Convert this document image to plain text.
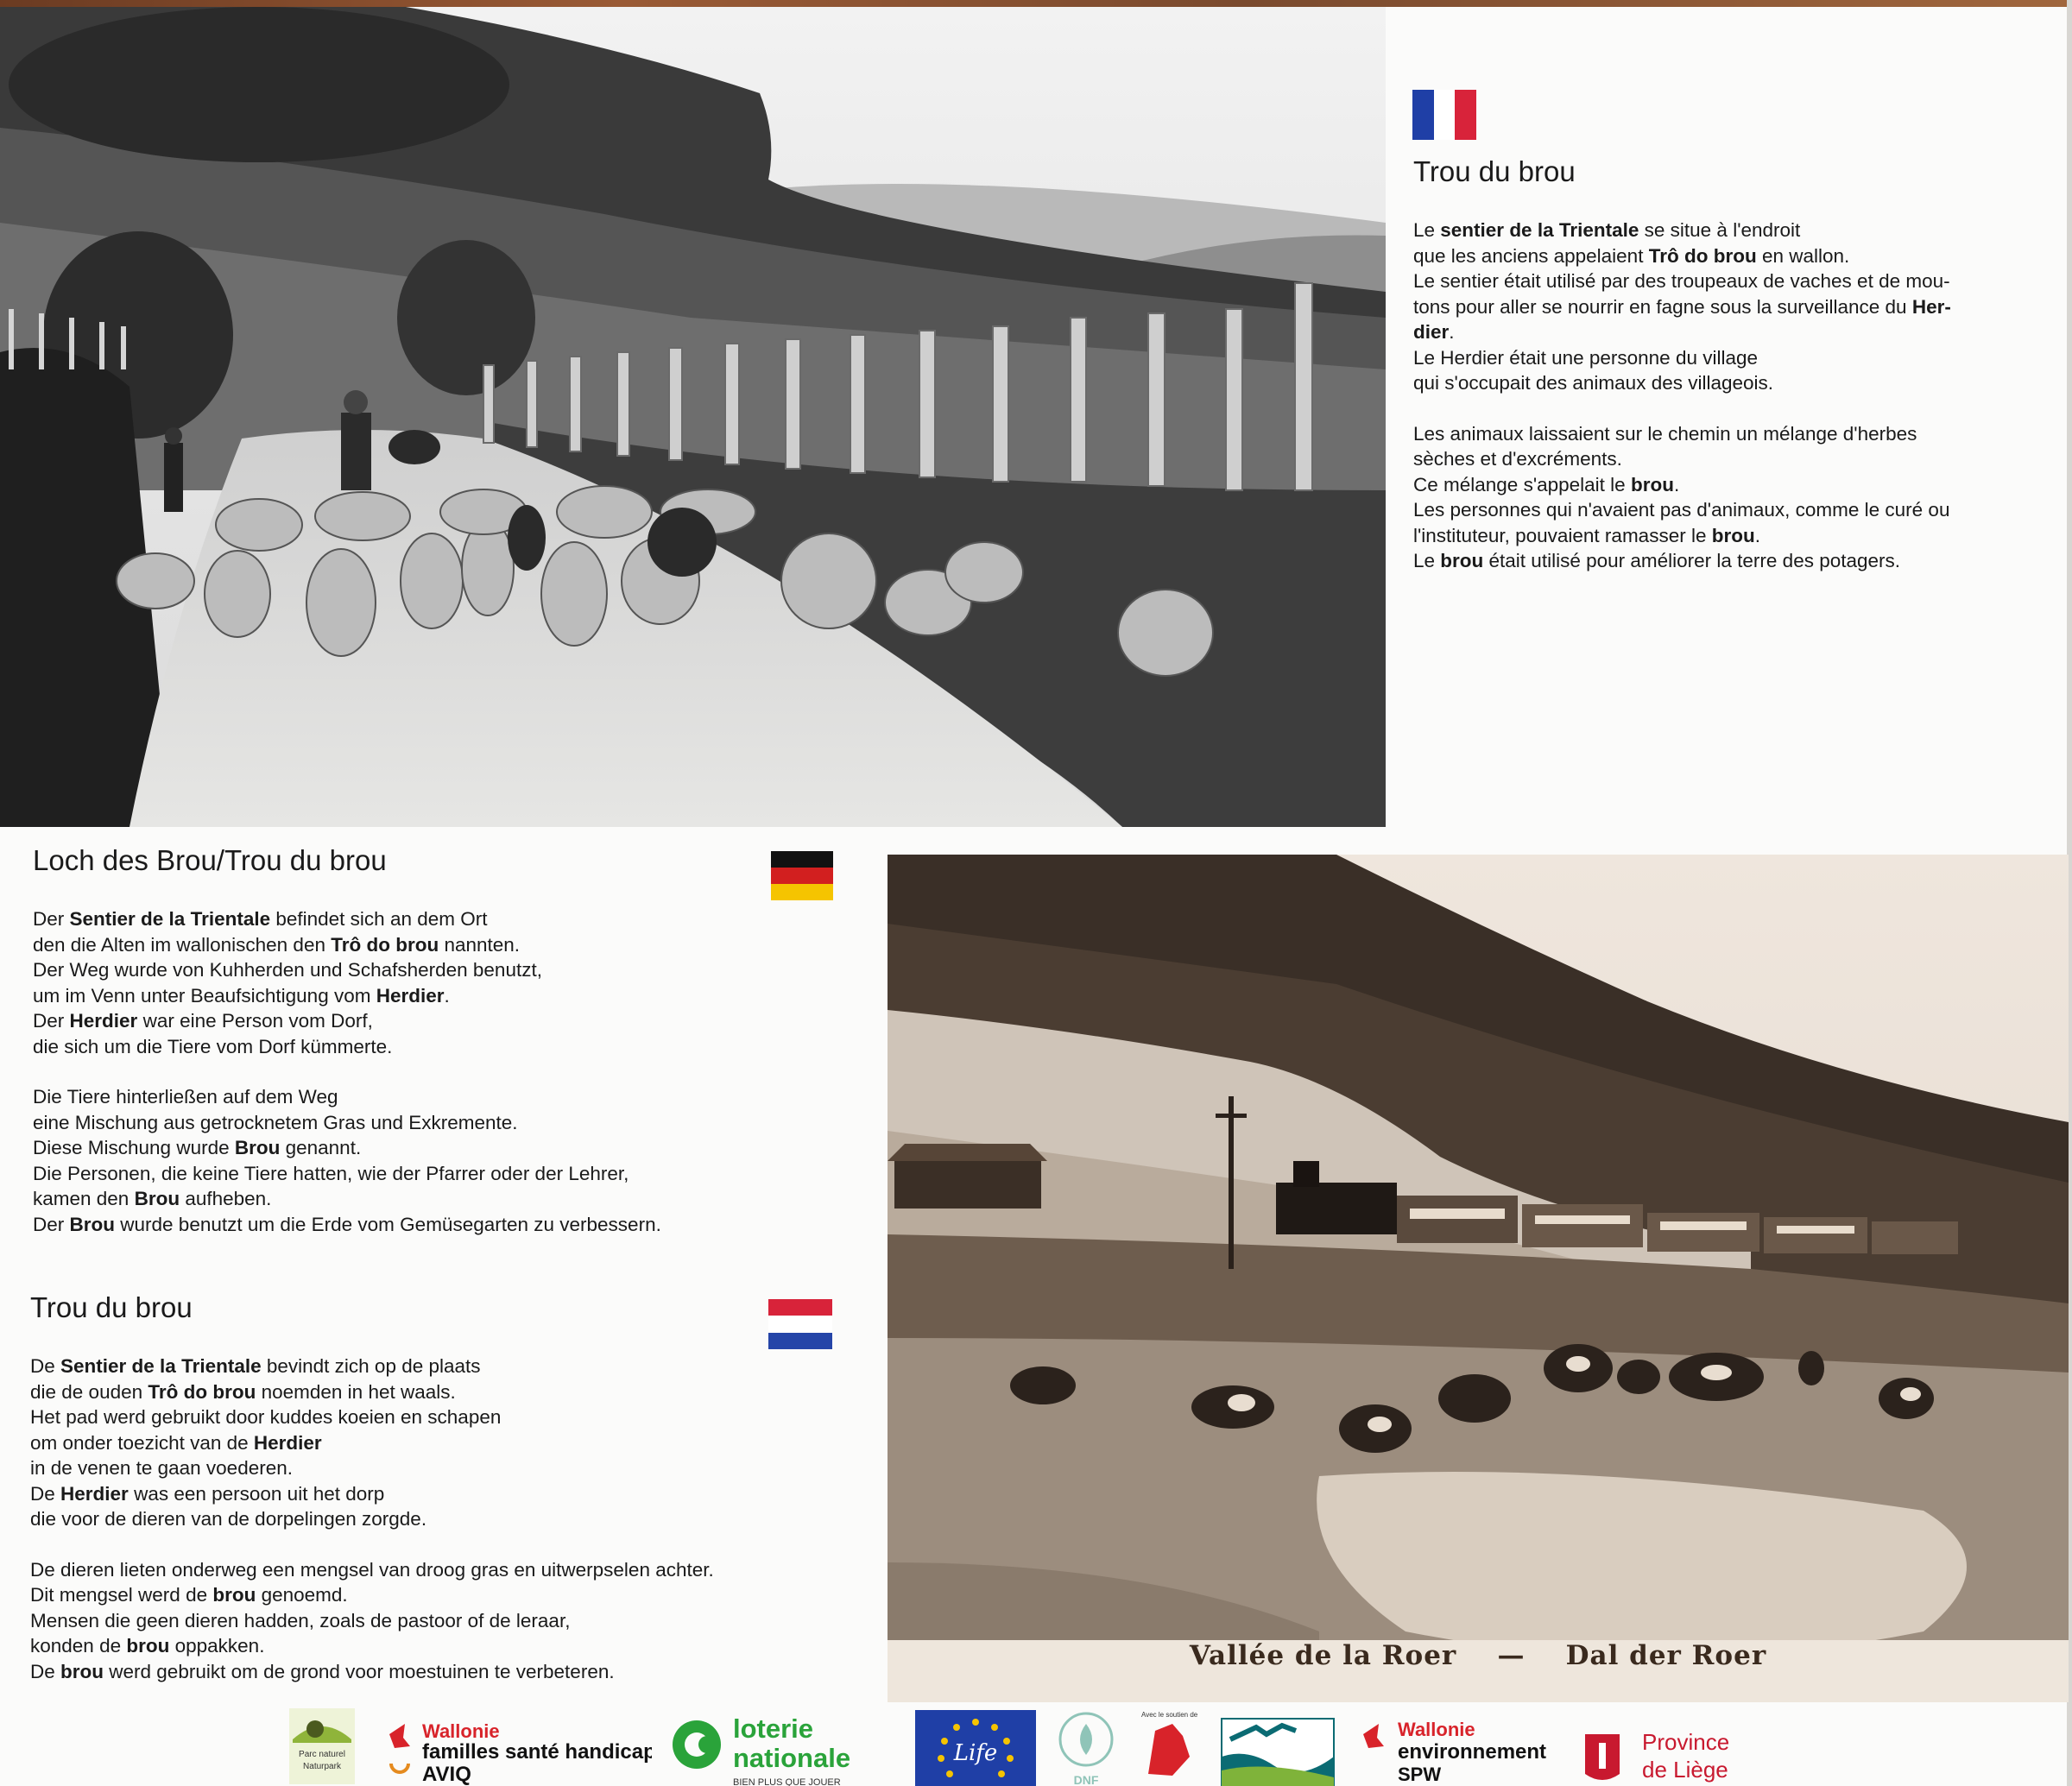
Vallée de la Roer — Dal der Roer
Trou du brou

Le sentier de la Trientale se situe à l'endroit

que les anciens appelaient Trô do brou en wallon.

Le sentier était utilisé par des troupeaux de vaches et de mou-

tons pour aller se nourrir en fagne sous la surveillance du Her-

dier.

Le Herdier était une personne du village

qui s'occupait des animaux des villageois.

Les animaux laissaient sur le chemin un mélange d'herbes

sèches et d'excréments.

Ce mélange s'appelait le brou.

Les personnes qui n'avaient pas d'animaux, comme le curé ou

l'instituteur, pouvaient ramasser le brou.

Le brou était utilisé pour améliorer la terre des potagers.

Loch des Brou/Trou du brou

Der Sentier de la Trientale befindet sich an dem Ort

den die Alten im wallonischen den Trô do brou nannten.

Der Weg wurde von Kuhherden und Schafsherden benutzt,

um im Venn unter Beaufsichtigung vom Herdier.

Der Herdier war eine Person vom Dorf,

die sich um die Tiere vom Dorf kümmerte.

Die Tiere hinterließen auf dem Weg

eine Mischung aus getrocknetem Gras und Exkremente.

Diese Mischung wurde Brou genannt.

Die Personen, die keine Tiere hatten, wie der Pfarrer oder der Lehrer,

kamen den Brou aufheben.

Der Brou wurde benutzt um die Erde vom Gemüsegarten zu verbessern.

Trou du brou

De Sentier de la Trientale bevindt zich op de plaats

die de ouden Trô do brou noemden in het waals.

Het pad werd gebruikt door kuddes koeien en schapen

om onder toezicht van de Herdier

in de venen te gaan voederen.

De Herdier was een persoon uit het dorp

die voor de dieren van de dorpelingen zorgde.

De dieren lieten onderweg een mengsel van droog gras en uitwerpselen achter.

Dit mengsel werd de brou genoemd.

Mensen die geen dieren hadden, zoals de pastoor of de leraar,

konden de brou oppakken.

De brou werd gebruikt om de grond voor moestuinen te verbeteren.

Parc naturel
Naturpark
Wallonie
familles santé handicap
AVIQ
loterie
nationale
BIEN PLUS QUE JOUER
Life
DNF
Avec le soutien de
Wallonie
environnement
SPW
Province
de Liège
